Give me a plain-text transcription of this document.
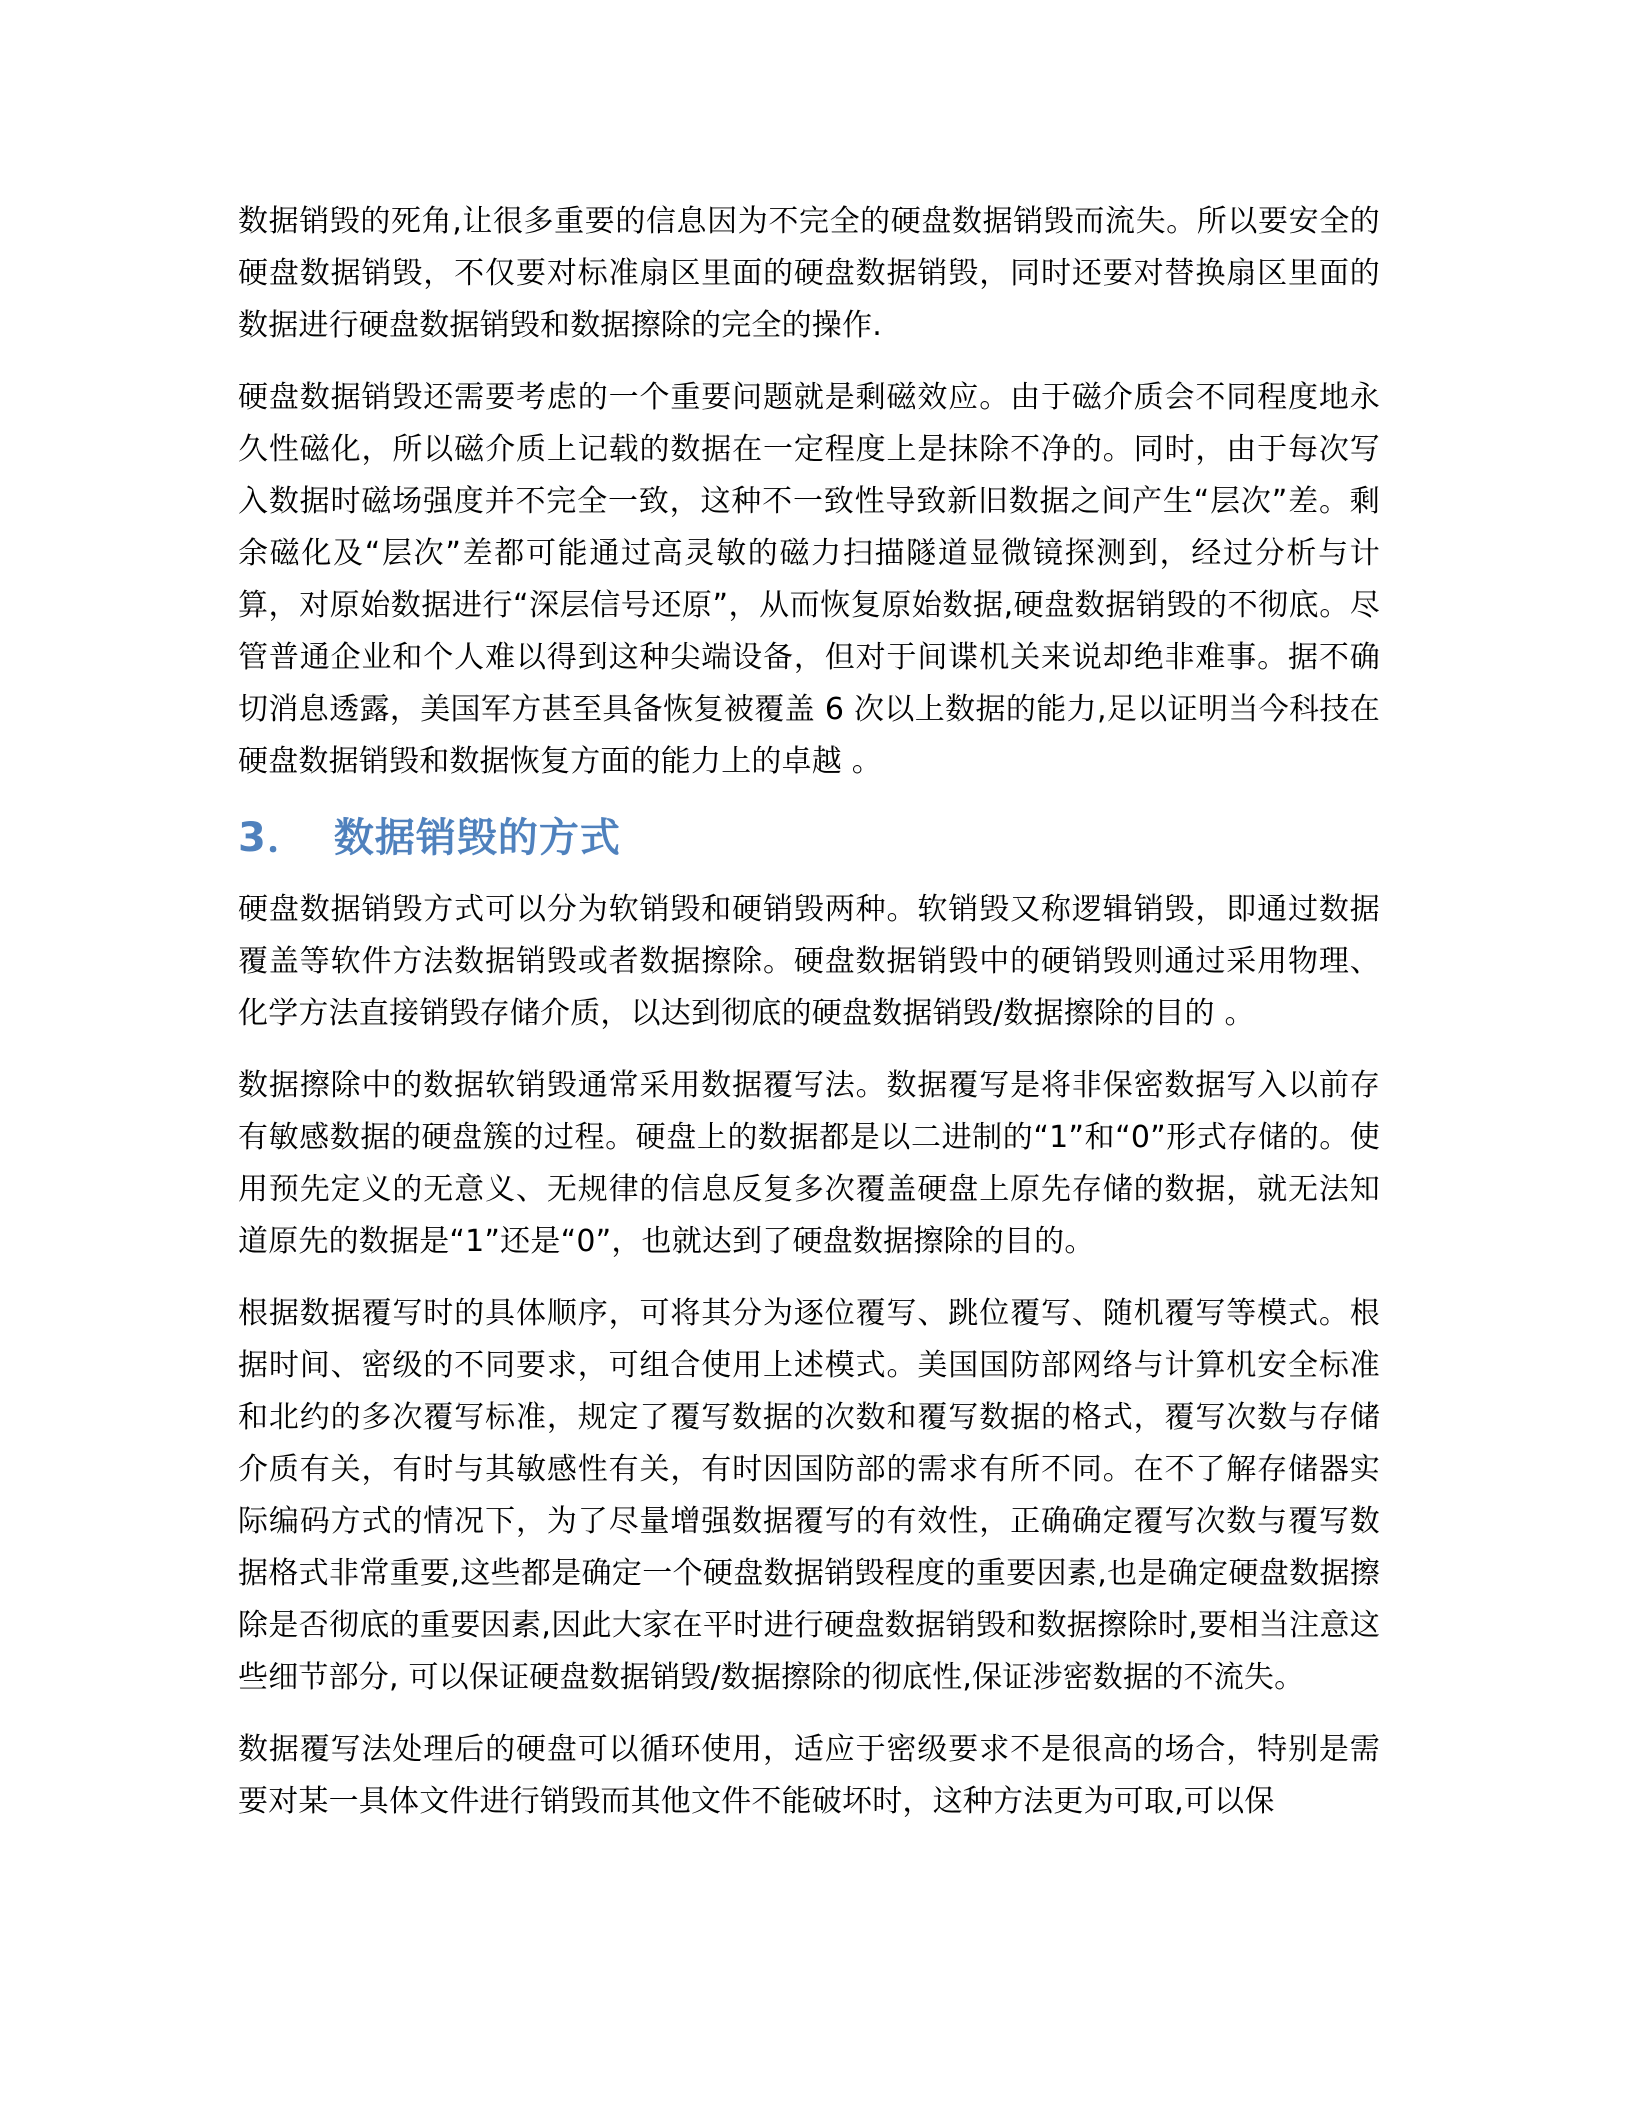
数据销毁的死角,让很多重要的信息因为不完全的硬盘数据销毁而流失。所以要安全的硬盘数据销毁，不仅要对标准扇区里面的硬盘数据销毁，同时还要对替换扇区里面的数据进行硬盘数据销毁和数据擦除的完全的操作.

硬盘数据销毁还需要考虑的一个重要问题就是剩磁效应。由于磁介质会不同程度地永久性磁化，所以磁介质上记载的数据在一定程度上是抹除不净的。同时，由于每次写入数据时磁场强度并不完全一致，这种不一致性导致新旧数据之间产生“层次”差。剩余磁化及“层次”差都可能通过高灵敏的磁力扫描隧道显微镜探测到，经过分析与计算，对原始数据进行“深层信号还原”，从而恢复原始数据,硬盘数据销毁的不彻底。尽管普通企业和个人难以得到这种尖端设备，但对于间谍机关来说却绝非难事。据不确切消息透露，美国军方甚至具备恢复被覆盖 6 次以上数据的能力,足以证明当今科技在硬盘数据销毁和数据恢复方面的能力上的卓越 。

3． 数据销毁的方式

硬盘数据销毁方式可以分为软销毁和硬销毁两种。软销毁又称逻辑销毁，即通过数据覆盖等软件方法数据销毁或者数据擦除。硬盘数据销毁中的硬销毁则通过采用物理、化学方法直接销毁存储介质，以达到彻底的硬盘数据销毁/数据擦除的目的 。

数据擦除中的数据软销毁通常采用数据覆写法。数据覆写是将非保密数据写入以前存有敏感数据的硬盘簇的过程。硬盘上的数据都是以二进制的“1”和“0”形式存储的。使用预先定义的无意义、无规律的信息反复多次覆盖硬盘上原先存储的数据，就无法知道原先的数据是“1”还是“0”，也就达到了硬盘数据擦除的目的。

根据数据覆写时的具体顺序，可将其分为逐位覆写、跳位覆写、随机覆写等模式。根据时间、密级的不同要求，可组合使用上述模式。美国国防部网络与计算机安全标准和北约的多次覆写标准，规定了覆写数据的次数和覆写数据的格式，覆写次数与存储介质有关，有时与其敏感性有关，有时因国防部的需求有所不同。在不了解存储器实际编码方式的情况下，为了尽量增强数据覆写的有效性，正确确定覆写次数与覆写数据格式非常重要,这些都是确定一个硬盘数据销毁程度的重要因素,也是确定硬盘数据擦除是否彻底的重要因素,因此大家在平时进行硬盘数据销毁和数据擦除时,要相当注意这些细节部分, 可以保证硬盘数据销毁/数据擦除的彻底性,保证涉密数据的不流失。

数据覆写法处理后的硬盘可以循环使用，适应于密级要求不是很高的场合，特别是需要对某一具体文件进行销毁而其他文件不能破坏时，这种方法更为可取,可以保
